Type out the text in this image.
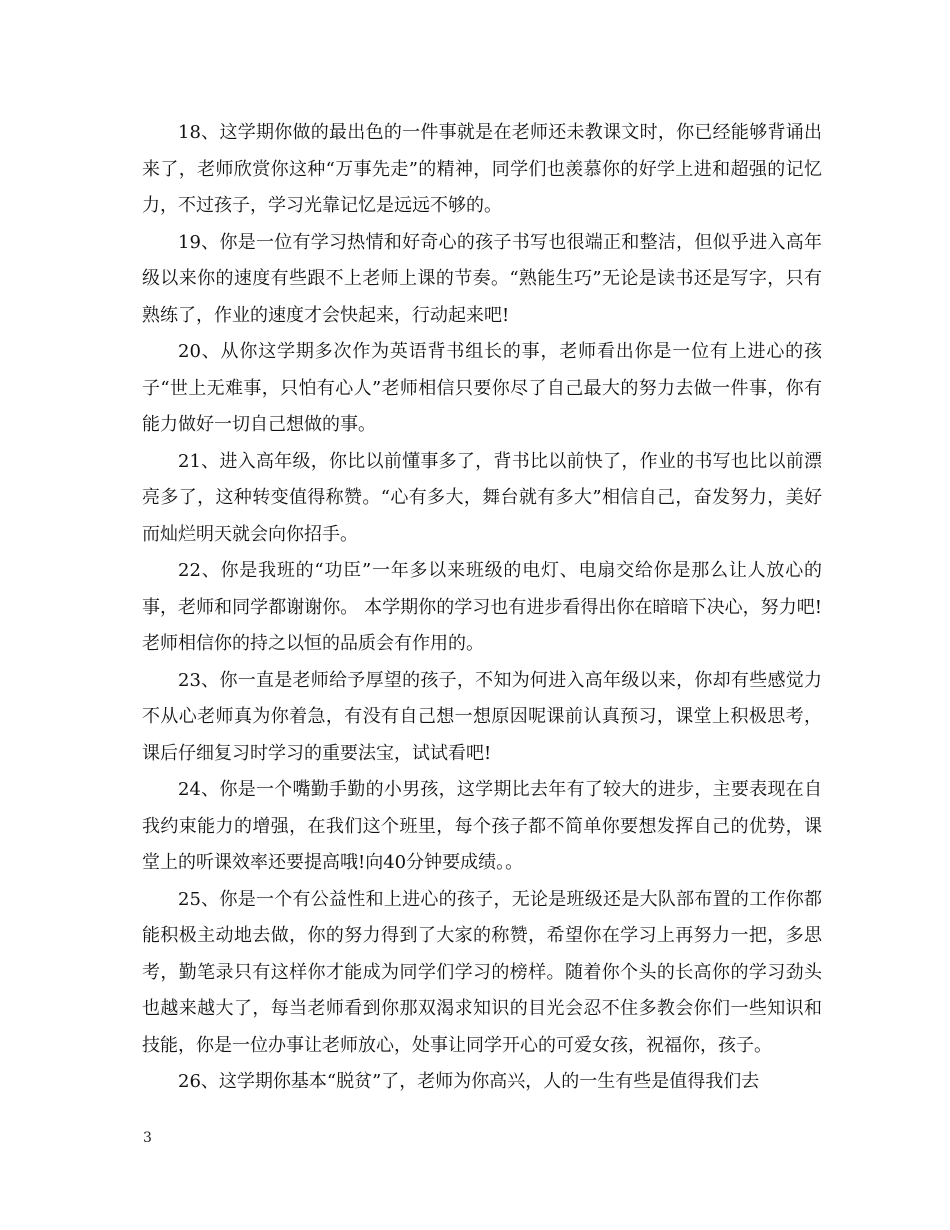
18、这学期你做的最出色的一件事就是在老师还未教课文时，你已经能够背诵出来了，老师欣赏你这种“万事先走”的精神，同学们也羡慕你的好学上进和超强的记忆力，不过孩子，学习光靠记忆是远远不够的。

19、你是一位有学习热情和好奇心的孩子书写也很端正和整洁，但似乎进入高年级以来你的速度有些跟不上老师上课的节奏。“熟能生巧”无论是读书还是写字，只有熟练了，作业的速度才会快起来，行动起来吧!

20、从你这学期多次作为英语背书组长的事，老师看出你是一位有上进心的孩子“世上无难事，只怕有心人”老师相信只要你尽了自己最大的努力去做一件事，你有能力做好一切自己想做的事。

21、进入高年级，你比以前懂事多了，背书比以前快了，作业的书写也比以前漂亮多了，这种转变值得称赞。“心有多大，舞台就有多大”相信自己，奋发努力，美好而灿烂明天就会向你招手。

22、你是我班的“功臣”一年多以来班级的电灯、电扇交给你是那么让人放心的事，老师和同学都谢谢你。 本学期你的学习也有进步看得出你在暗暗下决心，努力吧!老师相信你的持之以恒的品质会有作用的。

23、你一直是老师给予厚望的孩子，不知为何进入高年级以来，你却有些感觉力不从心老师真为你着急，有没有自己想一想原因呢课前认真预习，课堂上积极思考，课后仔细复习时学习的重要法宝，试试看吧!

24、你是一个嘴勤手勤的小男孩，这学期比去年有了较大的进步，主要表现在自我约束能力的增强，在我们这个班里，每个孩子都不简单你要想发挥自己的优势，课堂上的听课效率还要提高哦!向40分钟要成绩。。

25、你是一个有公益性和上进心的孩子，无论是班级还是大队部布置的工作你都能积极主动地去做，你的努力得到了大家的称赞，希望你在学习上再努力一把，多思考，勤笔录只有这样你才能成为同学们学习的榜样。随着你个头的长高你的学习劲头也越来越大了，每当老师看到你那双渴求知识的目光会忍不住多教会你们一些知识和技能，你是一位办事让老师放心，处事让同学开心的可爱女孩，祝福你，孩子。

26、这学期你基本“脱贫”了，老师为你高兴，人的一生有些是值得我们去

3
